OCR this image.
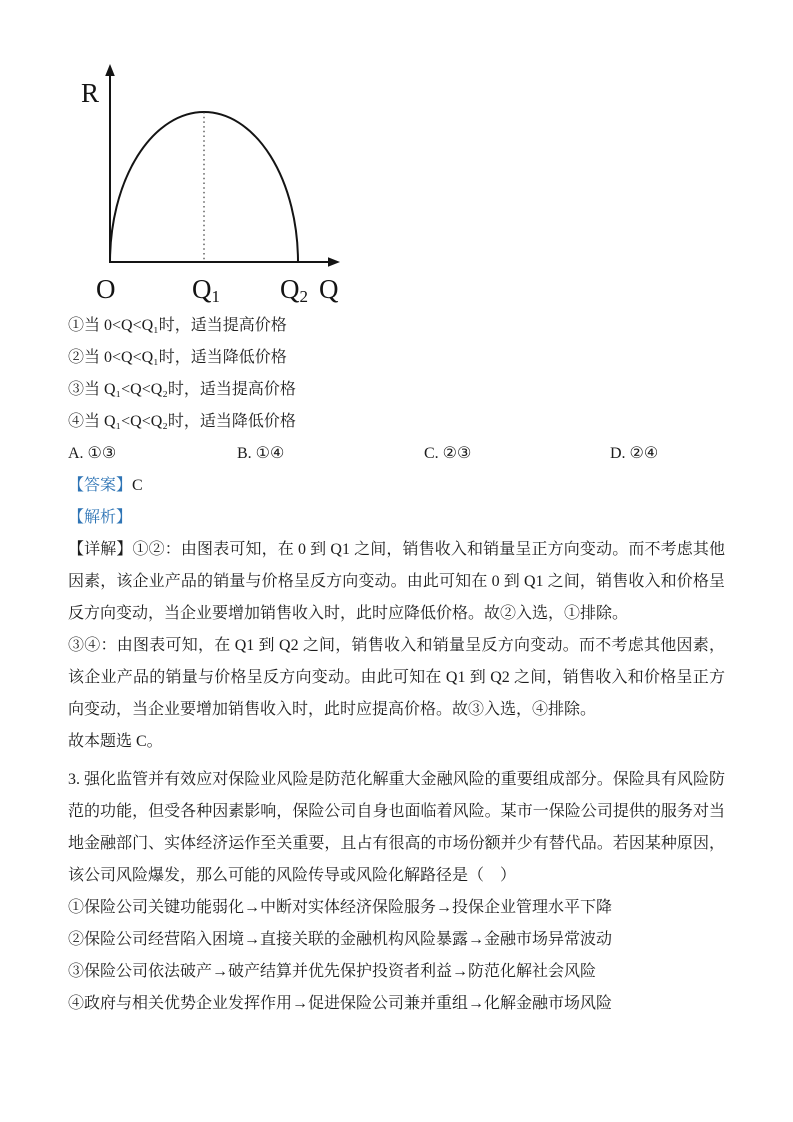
R
O	Q1 Q2 Q
①当 0<Q<Q₁时，适当提高价格
②当 0<Q<Q₁时，适当降低价格
③当 Q₁<Q<Q₂时，适当提高价格
④当 Q₁<Q<Q₂时，适当降低价格
A. ①③	B. ①④	C. ②③	D. ②④
【答案】C
【解析】

【详解】①②：由图表可知，在 0 到 Q1 之间，销售收入和销量呈正方向变动。而不考虑其他因素，该企业产品的销量与价格呈反方向变动。由此可知在 0 到 Q1 之间，销售收入和价格呈反方向变动，当企业要增加销售收入时，此时应降低价格。故②入选，①排除。

③④：由图表可知，在 Q1 到 Q2 之间，销售收入和销量呈反方向变动。而不考虑其他因素，该企业产品的销量与价格呈反方向变动。由此可知在 Q1 到 Q2 之间，销售收入和价格呈正方向变动，当企业要增加销售收入时，此时应提高价格。故③入选，④排除。

故本题选 C。

3. 强化监管并有效应对保险业风险是防范化解重大金融风险的重要组成部分。保险具有风险防范的功能，但受各种因素影响，保险公司自身也面临着风险。某市一保险公司提供的服务对当地金融部门、实体经济运作至关重要，且占有很高的市场份额并少有替代品。若因某种原因，该公司风险爆发，那么可能的风险传导或风险化解路径是（　）

①保险公司关键功能弱化→中断对实体经济保险服务→投保企业管理水平下降
②保险公司经营陷入困境→直接关联的金融机构风险暴露→金融市场异常波动
③保险公司依法破产→破产结算并优先保护投资者利益→防范化解社会风险
④政府与相关优势企业发挥作用→促进保险公司兼并重组→化解金融市场风险
